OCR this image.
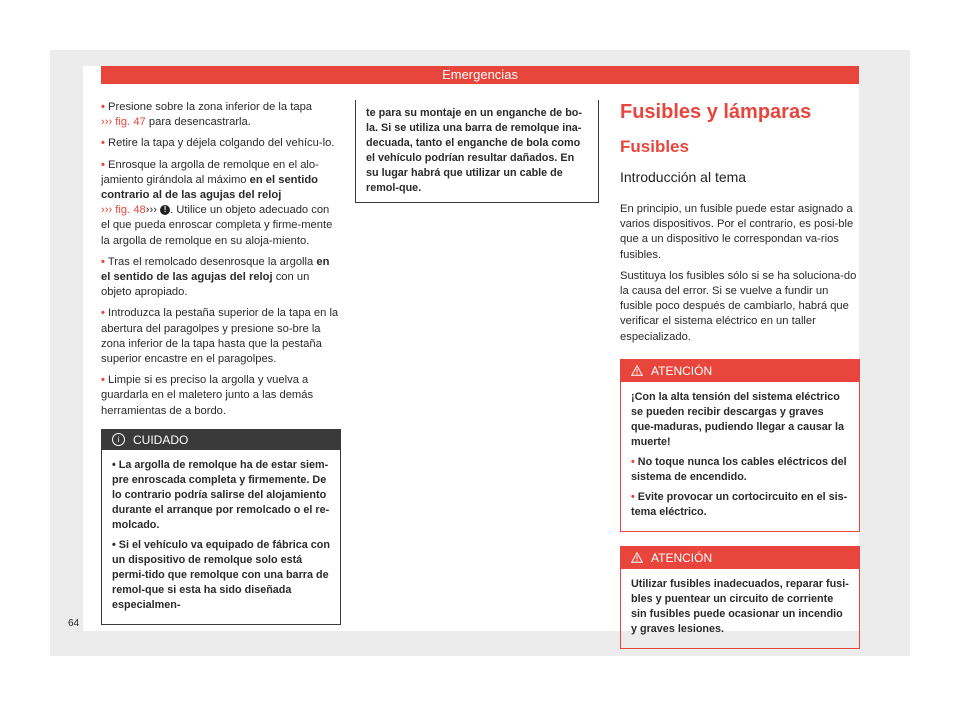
Emergencias

• Presione sobre la zona inferior de la tapa
››› fig. 47 para desencastrarla.

• Retire la tapa y déjela colgando del vehícu-lo.

• Enrosque la argolla de remolque en el alo-jamiento girándola al máximo en el sentido contrario al de las agujas del reloj
››› fig. 48››› ! . Utilice un objeto adecuado con el que pueda enroscar completa y firme-mente la argolla de remolque en su aloja-miento.

• Tras el remolcado desenrosque la argolla en el sentido de las agujas del reloj con un objeto apropiado.

• Introduzca la pestaña superior de la tapa en la abertura del paragolpes y presione so-bre la zona inferior de la tapa hasta que la pestaña superior encastre en el paragolpes.

• Limpie si es preciso la argolla y vuelva a guardarla en el maletero junto a las demás herramientas de a bordo.

i	CUIDADO

• La argolla de remolque ha de estar siem-pre enroscada completa y firmemente. De lo contrario podría salirse del alojamiento durante el arranque por remolcado o el re-molcado.

• Si el vehículo va equipado de fábrica con un dispositivo de remolque solo está permi-tido que remolque con una barra de remol-que si esta ha sido diseñada especialmen-

te para su montaje en un enganche de bo-la. Si se utiliza una barra de remolque ina-decuada, tanto el enganche de bola como el vehículo podrían resultar dañados. En su lugar habrá que utilizar un cable de remol-que.
Fusibles y lámparas
Fusibles
Introducción al tema

En principio, un fusible puede estar asignado a varios dispositivos. Por el contrario, es posi-ble que a un dispositivo le correspondan va-rios fusibles.

Sustituya los fusibles sólo si se ha soluciona-do la causa del error. Si se vuelve a fundir un fusible poco después de cambiarlo, habrá que verificar el sistema eléctrico en un taller especializado.

ATENCIÓN

¡Con la alta tensión del sistema eléctrico se pueden recibir descargas y graves que-maduras, pudiendo llegar a causar la muerte!

• No toque nunca los cables eléctricos del sistema de encendido.

• Evite provocar un cortocircuito en el sis-tema eléctrico.

ATENCIÓN

Utilizar fusibles inadecuados, reparar fusi-bles y puentear un circuito de corriente sin fusibles puede ocasionar un incendio y graves lesiones.

64
